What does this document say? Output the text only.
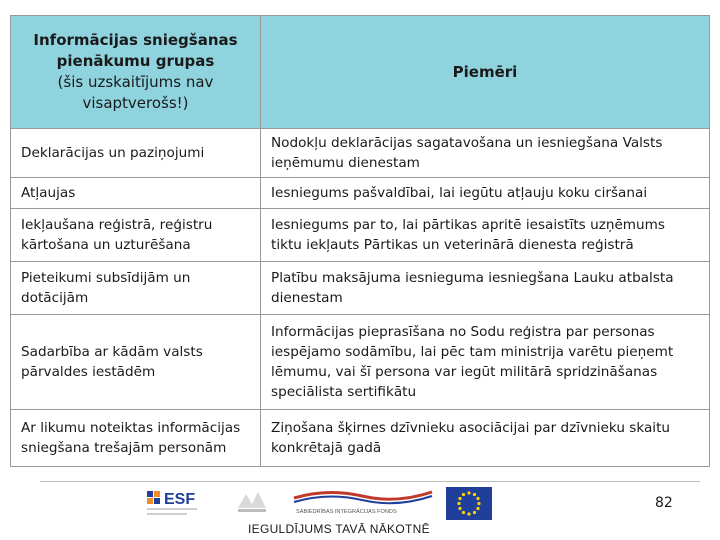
Informācijas sniegšanas pienākumu grupas
(šis uzskaitījums nav visaptverošs!)	Piemēri

Deklarācijas un paziņojumi	Nodokļu deklarācijas sagatavošana un iesniegšana Valsts ieņēmumu dienestam
Atļaujas	Iesniegums pašvaldībai, lai iegūtu atļauju koku ciršanai
Iekļaušana reģistrā, reģistru kārtošana un uzturēšana	Iesniegums par to, lai pārtikas apritē iesaistīts uzņēmums tiktu iekļauts Pārtikas un veterinārā dienesta reģistrā
Pieteikumi subsīdijām un dotācijām	Platību maksājuma iesnieguma iesniegšana Lauku atbalsta dienestam
Sadarbība ar kādām valsts pārvaldes iestādēm	Informācijas pieprasīšana no Sodu reģistra par personas iespējamo sodāmību, lai pēc tam ministrija varētu pieņemt lēmumu, vai šī persona var iegūt militārā spridzināšanas speciālista sertifikātu
Ar likumu noteiktas informācijas sniegšana trešajām personām	Ziņošana šķirnes dzīvnieku asociācijai par dzīvnieku skaitu konkrētajā gadā
ESF
SABIEDRĪBAS INTEGRĀCIJAS FONDS
82
IEGULDĪJUMS TAVĀ NĀKOTNĒ
